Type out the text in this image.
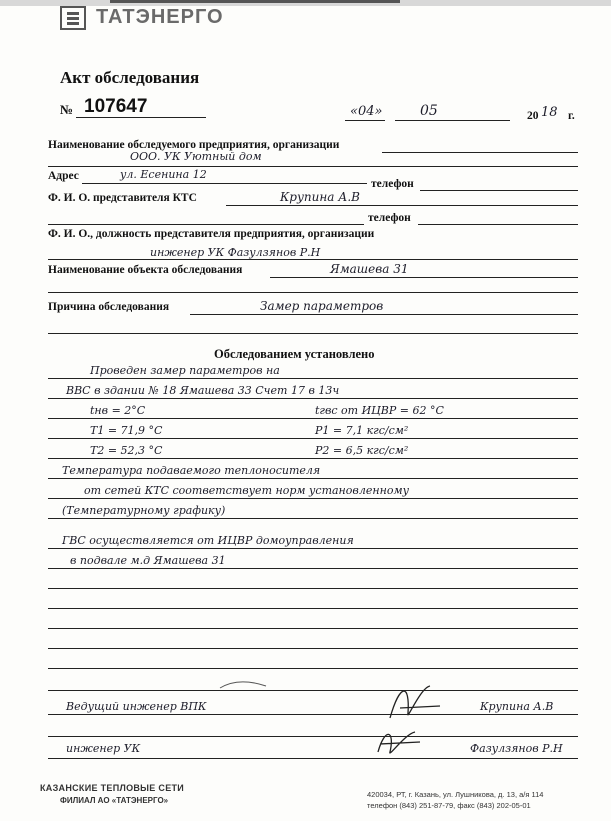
ТАТЭНЕРГО
Акт обследования
№ 107647	«04»	05	20 18 г.
Наименование обследуемого предприятия, организации
ООО. УК Уютный дом
Адрес	ул. Есенина 12
телефон
Ф. И. О. представителя КТС	Крупина А.В
телефон
Ф. И. О., должность представителя предприятия, организации
инженер УК Фазулзянов Р.Н
Наименование объекта обследования	Ямашева 31
Причина обследования	Замер параметров
Обследованием установлено
Проведен замер параметров на
ВВС в здании № 18 Ямашева 33 Счет 17 в 13ч
tнв = 2°С	tгвс от ИЦВР = 62 °С
T1 = 71,9 °С	P1 = 7,1 кгс/см²
T2 = 52,3 °С	P2 = 6,5 кгс/см²
Температура подаваемого теплоносителя
от сетей КТС соответствует норм установленному
(Температурному графику)
ГВС осуществляется от ИЦВР домоуправления
в подвале м.д Ямашева 31
Ведущий инженер ВПК	Крупина А.В
инженер УК	Фазулзянов Р.Н
КАЗАНСКИЕ ТЕПЛОВЫЕ СЕТИ
ФИЛИАЛ АО «ТАТЭНЕРГО»
420034, РТ, г. Казань, ул. Лушникова, д. 13, а/я 114
телефон (843) 251-87-79, факс (843) 202-05-01
